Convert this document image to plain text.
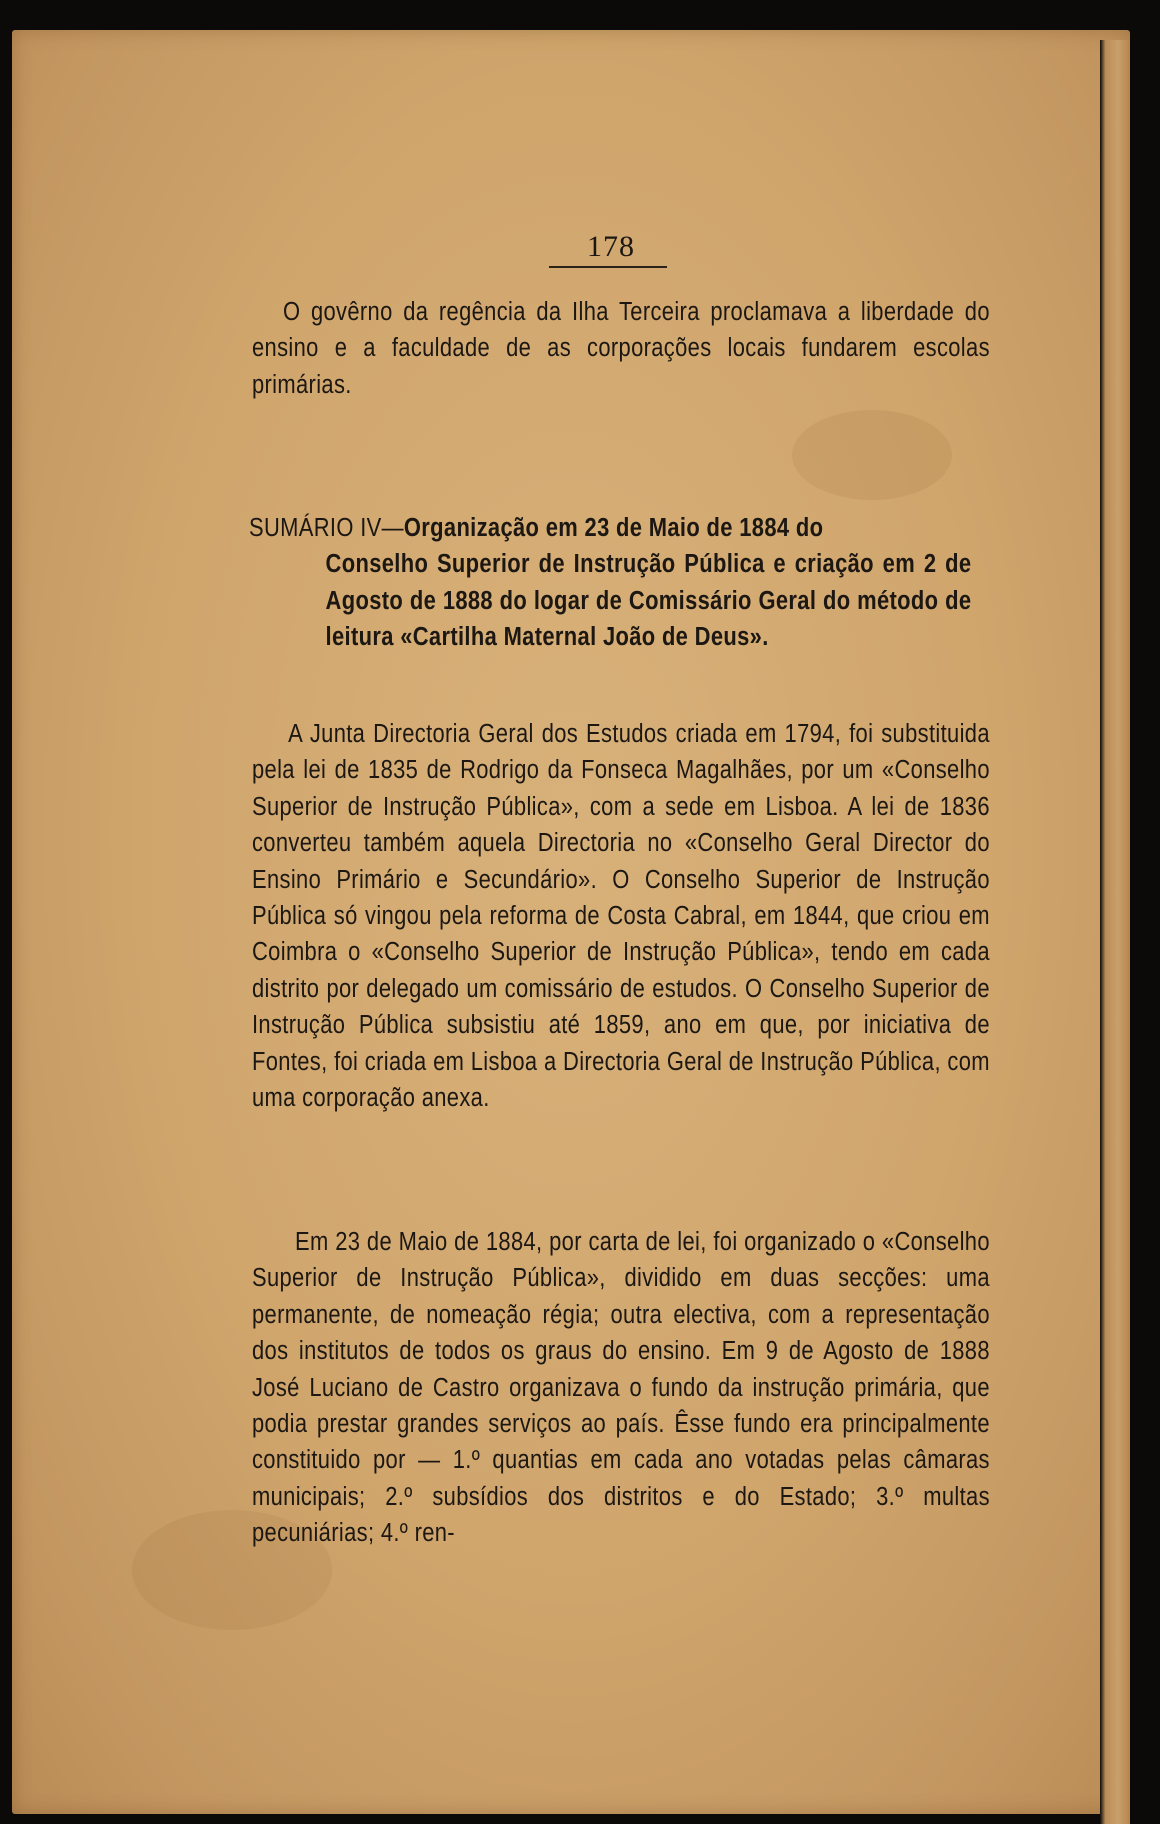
178

O govêrno da regência da Ilha Terceira proclamava a liberdade do ensino e a faculdade de as corporações locais fundarem escolas primárias.

SUMÁRIO IV—Organização em 23 de Maio de 1884 do
Conselho Superior de Instrução Pública e criação em 2 de Agosto de 1888 do logar de Comissário Geral do método de leitura «Cartilha Maternal João de Deus».

A Junta Directoria Geral dos Estudos criada em 1794, foi substituida pela lei de 1835 de Rodrigo da Fonseca Magalhães, por um «Conselho Superior de Instrução Pública», com a sede em Lisboa. A lei de 1836 converteu também aquela Directoria no «Conselho Geral Director do Ensino Primário e Secundário». O Conselho Superior de Instrução Pública só vingou pela reforma de Costa Cabral, em 1844, que criou em Coimbra o «Conselho Superior de Instrução Pública», tendo em cada distrito por delegado um comissário de estudos. O Conselho Superior de Instrução Pública subsistiu até 1859, ano em que, por iniciativa de Fontes, foi criada em Lisboa a Directoria Geral de Instrução Pública, com uma corporação anexa.

Em 23 de Maio de 1884, por carta de lei, foi organizado o «Conselho Superior de Instrução Pública», dividido em duas secções: uma permanente, de nomeação régia; outra electiva, com a representação dos institutos de todos os graus do ensino. Em 9 de Agosto de 1888 José Luciano de Castro organizava o fundo da instrução primária, que podia prestar grandes serviços ao país. Êsse fundo era principalmente constituido por — 1.º quantias em cada ano votadas pelas câmaras municipais; 2.º subsídios dos distritos e do Estado; 3.º multas pecuniárias; 4.º ren-
